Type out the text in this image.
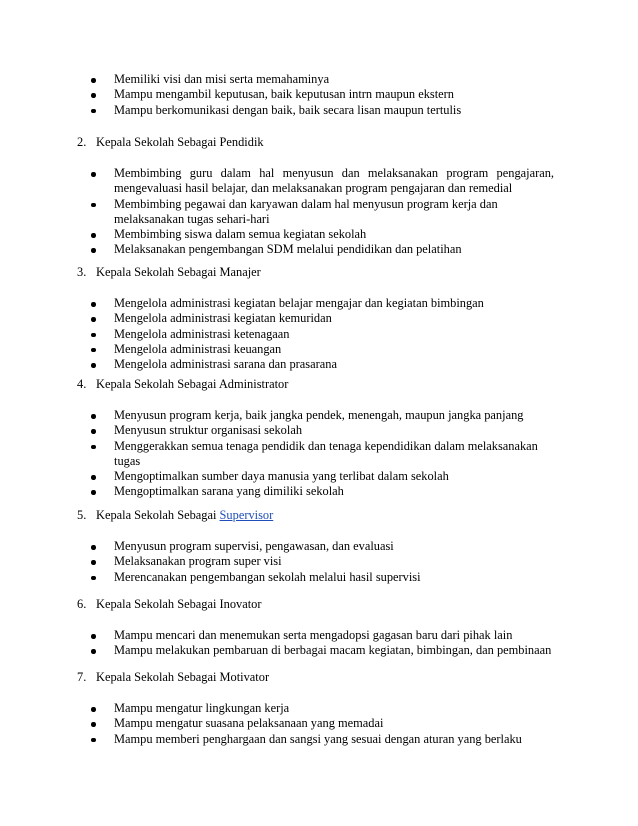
Memiliki visi dan misi serta memahaminya
Mampu mengambil keputusan, baik keputusan intrn maupun ekstern
Mampu berkomunikasi dengan baik, baik secara lisan maupun tertulis
2. Kepala Sekolah Sebagai Pendidik
Membimbing guru dalam hal menyusun dan melaksanakan program pengajaran, mengevaluasi hasil belajar, dan melaksanakan program pengajaran dan remedial
Membimbing pegawai dan karyawan dalam hal menyusun program kerja dan melaksanakan tugas sehari-hari
Membimbing siswa dalam semua kegiatan sekolah
Melaksanakan pengembangan SDM melalui pendidikan dan pelatihan
3. Kepala Sekolah Sebagai Manajer
Mengelola administrasi kegiatan belajar mengajar dan kegiatan bimbingan
Mengelola administrasi kegiatan kemuridan
Mengelola administrasi ketenagaan
Mengelola administrasi keuangan
Mengelola administrasi sarana dan prasarana
4. Kepala Sekolah Sebagai Administrator
Menyusun program kerja, baik jangka pendek, menengah, maupun jangka panjang
Menyusun struktur organisasi sekolah
Menggerakkan semua tenaga pendidik dan tenaga kependidikan dalam melaksanakan tugas
Mengoptimalkan sumber daya manusia yang terlibat dalam sekolah
Mengoptimalkan sarana yang dimiliki sekolah
5. Kepala Sekolah Sebagai Supervisor
Menyusun program supervisi, pengawasan, dan evaluasi
Melaksanakan program super visi
Merencanakan pengembangan sekolah melalui hasil supervisi
6. Kepala Sekolah Sebagai Inovator
Mampu mencari dan menemukan serta mengadopsi gagasan baru dari pihak lain
Mampu melakukan pembaruan di berbagai macam kegiatan, bimbingan, dan pembinaan
7. Kepala Sekolah Sebagai Motivator
Mampu mengatur lingkungan kerja
Mampu mengatur suasana pelaksanaan yang memadai
Mampu memberi penghargaan dan sangsi yang sesuai dengan aturan yang berlaku
